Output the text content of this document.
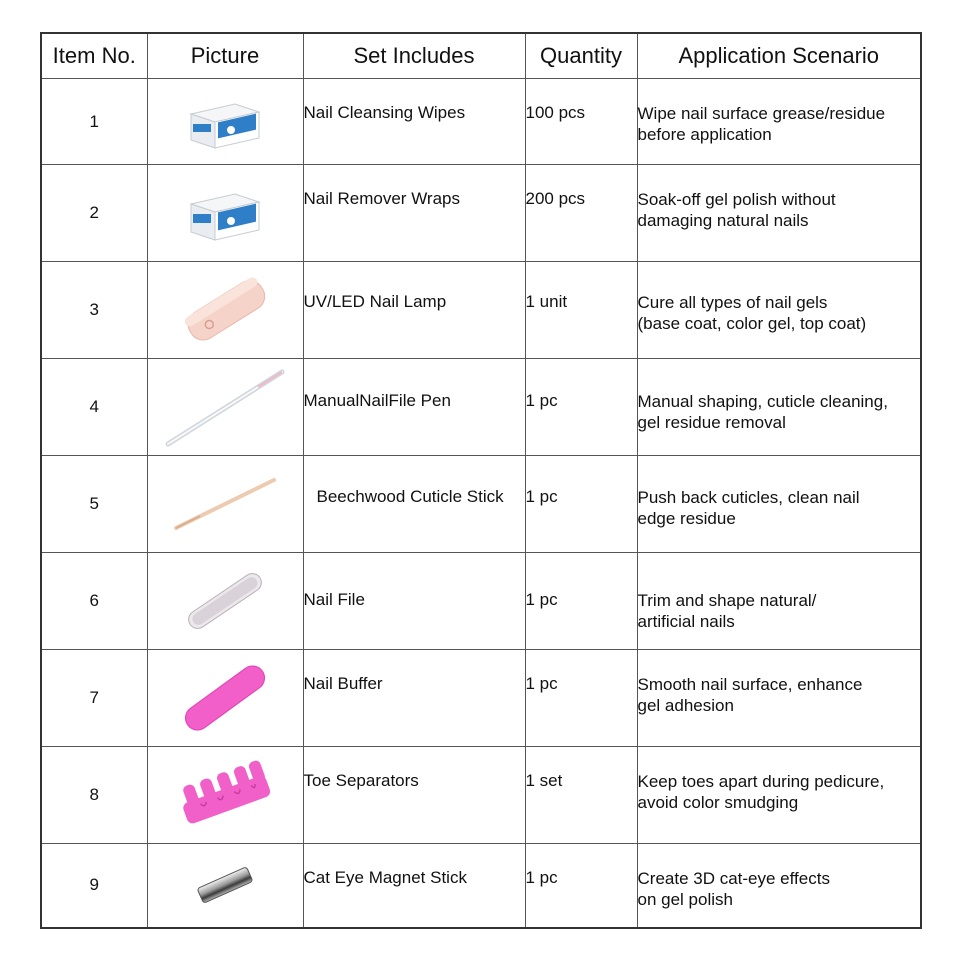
Item No.	Picture	Set Includes	Quantity	Application Scenario
1		Nail Cleansing Wipes	100 pcs	Wipe nail surface grease/residue
before application

2		Nail Remover Wraps	200 pcs	Soak-off gel polish without
damaging natural nails

3		UV/LED Nail Lamp	1 unit	Cure all types of nail gels
(base coat, color gel, top coat)

4		ManualNailFile Pen	1 pc	Manual shaping, cuticle cleaning,
gel residue removal

5		Beechwood Cuticle Stick	1 pc	Push back cuticles, clean nail
edge residue

6		Nail File	1 pc	Trim and shape natural/
artificial nails

7		Nail Buffer	1 pc	Smooth nail surface, enhance
gel adhesion

8		Toe Separators	1 set	Keep toes apart during pedicure,
avoid color smudging

9		Cat Eye Magnet Stick	1 pc	Create 3D cat-eye effects
on gel polish
